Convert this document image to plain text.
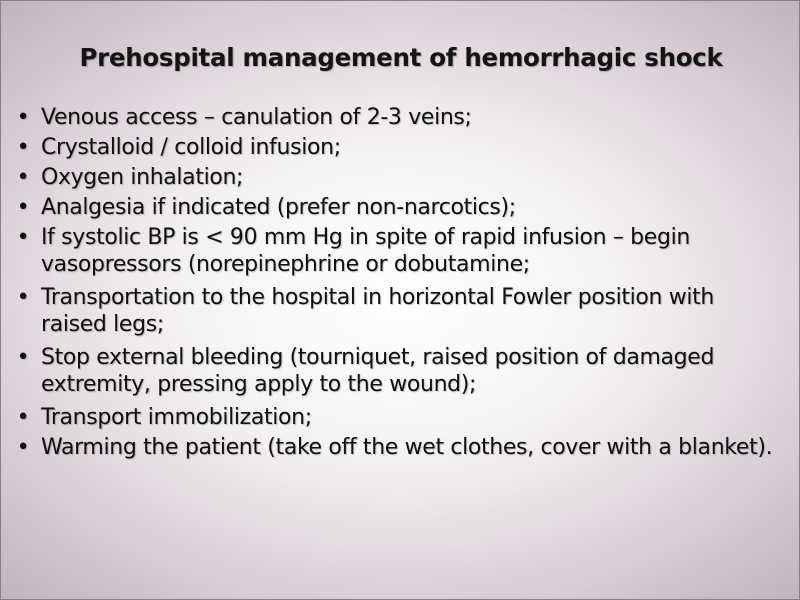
Prehospital management of hemorrhagic shock
• Venous access – canulation of 2-3 veins;
• Crystalloid / colloid infusion;
• Oxygen inhalation;
• Analgesia if indicated (prefer non-narcotics);
• If systolic BP is < 90 mm Hg in spite of rapid infusion – begin vasopressors (norepinephrine or dobutamine;
• Transportation to the hospital in horizontal Fowler position with raised legs;
• Stop external bleeding (tourniquet, raised position of damaged extremity, pressing apply to the wound);
• Transport immobilization;
• Warming the patient (take off the wet clothes, cover with a blanket).
